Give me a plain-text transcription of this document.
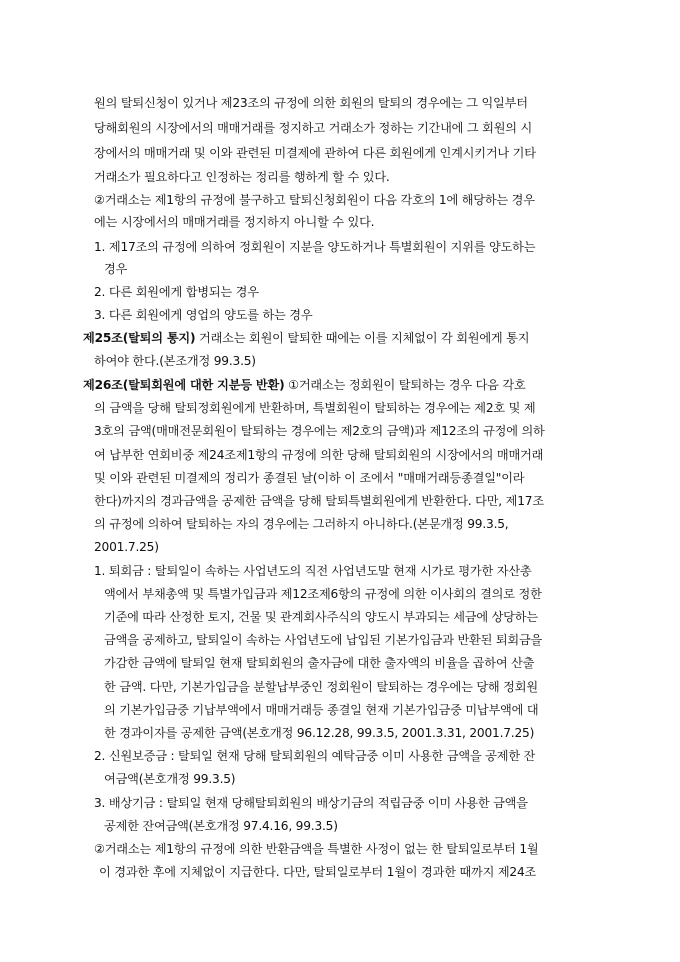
원의 탈퇴신청이 있거나 제23조의 규정에 의한 회원의 탈퇴의 경우에는 그 익일부터
당해회원의 시장에서의 매매거래를 정지하고 거래소가 정하는 기간내에 그 회원의 시
장에서의 매매거래 및 이와 관련된 미결제에 관하여 다른 회원에게 인계시키거나 기타
거래소가 필요하다고 인정하는 정리를 행하게 할 수 있다.
②거래소는 제1항의 규정에 불구하고 탈퇴신청회원이 다음 각호의 1에 해당하는 경우
에는 시장에서의 매매거래를 정지하지 아니할 수 있다.
1. 제17조의 규정에 의하여 정회원이 지분을 양도하거나 특별회원이 지위를 양도하는
경우
2. 다른 회원에게 합병되는 경우
3. 다른 회원에게 영업의 양도를 하는 경우
제25조(탈퇴의 통지) 거래소는 회원이 탈퇴한 때에는 이를 지체없이 각 회원에게 통지
하여야 한다.(본조개정 99.3.5)
제26조(탈퇴회원에 대한 지분등 반환) ①거래소는 정회원이 탈퇴하는 경우 다음 각호
의 금액을 당해 탈퇴정회원에게 반환하며, 특별회원이 탈퇴하는 경우에는 제2호 및 제
3호의 금액(매매전문회원이 탈퇴하는 경우에는 제2호의 금액)과 제12조의 규정에 의하
여 납부한 연회비중 제24조제1항의 규정에 의한 당해 탈퇴회원의 시장에서의 매매거래
및 이와 관련된 미결제의 정리가 종결된 날(이하 이 조에서 "매매거래등종결일"이라
한다)까지의 경과금액을 공제한 금액을 당해 탈퇴특별회원에게 반환한다. 다만, 제17조
의 규정에 의하여 탈퇴하는 자의 경우에는 그러하지 아니하다.(본문개정 99.3.5,
2001.7.25)
1. 퇴회금 : 탈퇴일이 속하는 사업년도의 직전 사업년도말 현재 시가로 평가한 자산총
액에서 부채총액 및 특별가입금과 제12조제6항의 규정에 의한 이사회의 결의로 정한
기준에 따라 산정한 토지, 건물 및 관계회사주식의 양도시 부과되는 세금에 상당하는
금액을 공제하고, 탈퇴일이 속하는 사업년도에 납입된 기본가입금과 반환된 퇴회금을
가감한 금액에 탈퇴일 현재 탈퇴회원의 출자금에 대한 출자액의 비율을 곱하여 산출
한 금액. 다만, 기본가입금을 분할납부중인 정회원이 탈퇴하는 경우에는 당해 정회원
의 기본가입금중 기납부액에서 매매거래등 종결일 현재 기본가입금중 미납부액에 대
한 경과이자를 공제한 금액(본호개정 96.12.28, 99.3.5, 2001.3.31, 2001.7.25)
2. 신원보증금 : 탈퇴일 현재 당해 탈퇴회원의 예탁금중 이미 사용한 금액을 공제한 잔
여금액(본호개정 99.3.5)
3. 배상기금 : 탈퇴일 현재 당해탈퇴회원의 배상기금의 적립금중 이미 사용한 금액을
공제한 잔여금액(본호개정 97.4.16, 99.3.5)
②거래소는 제1항의 규정에 의한 반환금액을 특별한 사정이 없는 한 탈퇴일로부터 1월
이 경과한 후에 지체없이 지급한다. 다만, 탈퇴일로부터 1월이 경과한 때까지 제24조
